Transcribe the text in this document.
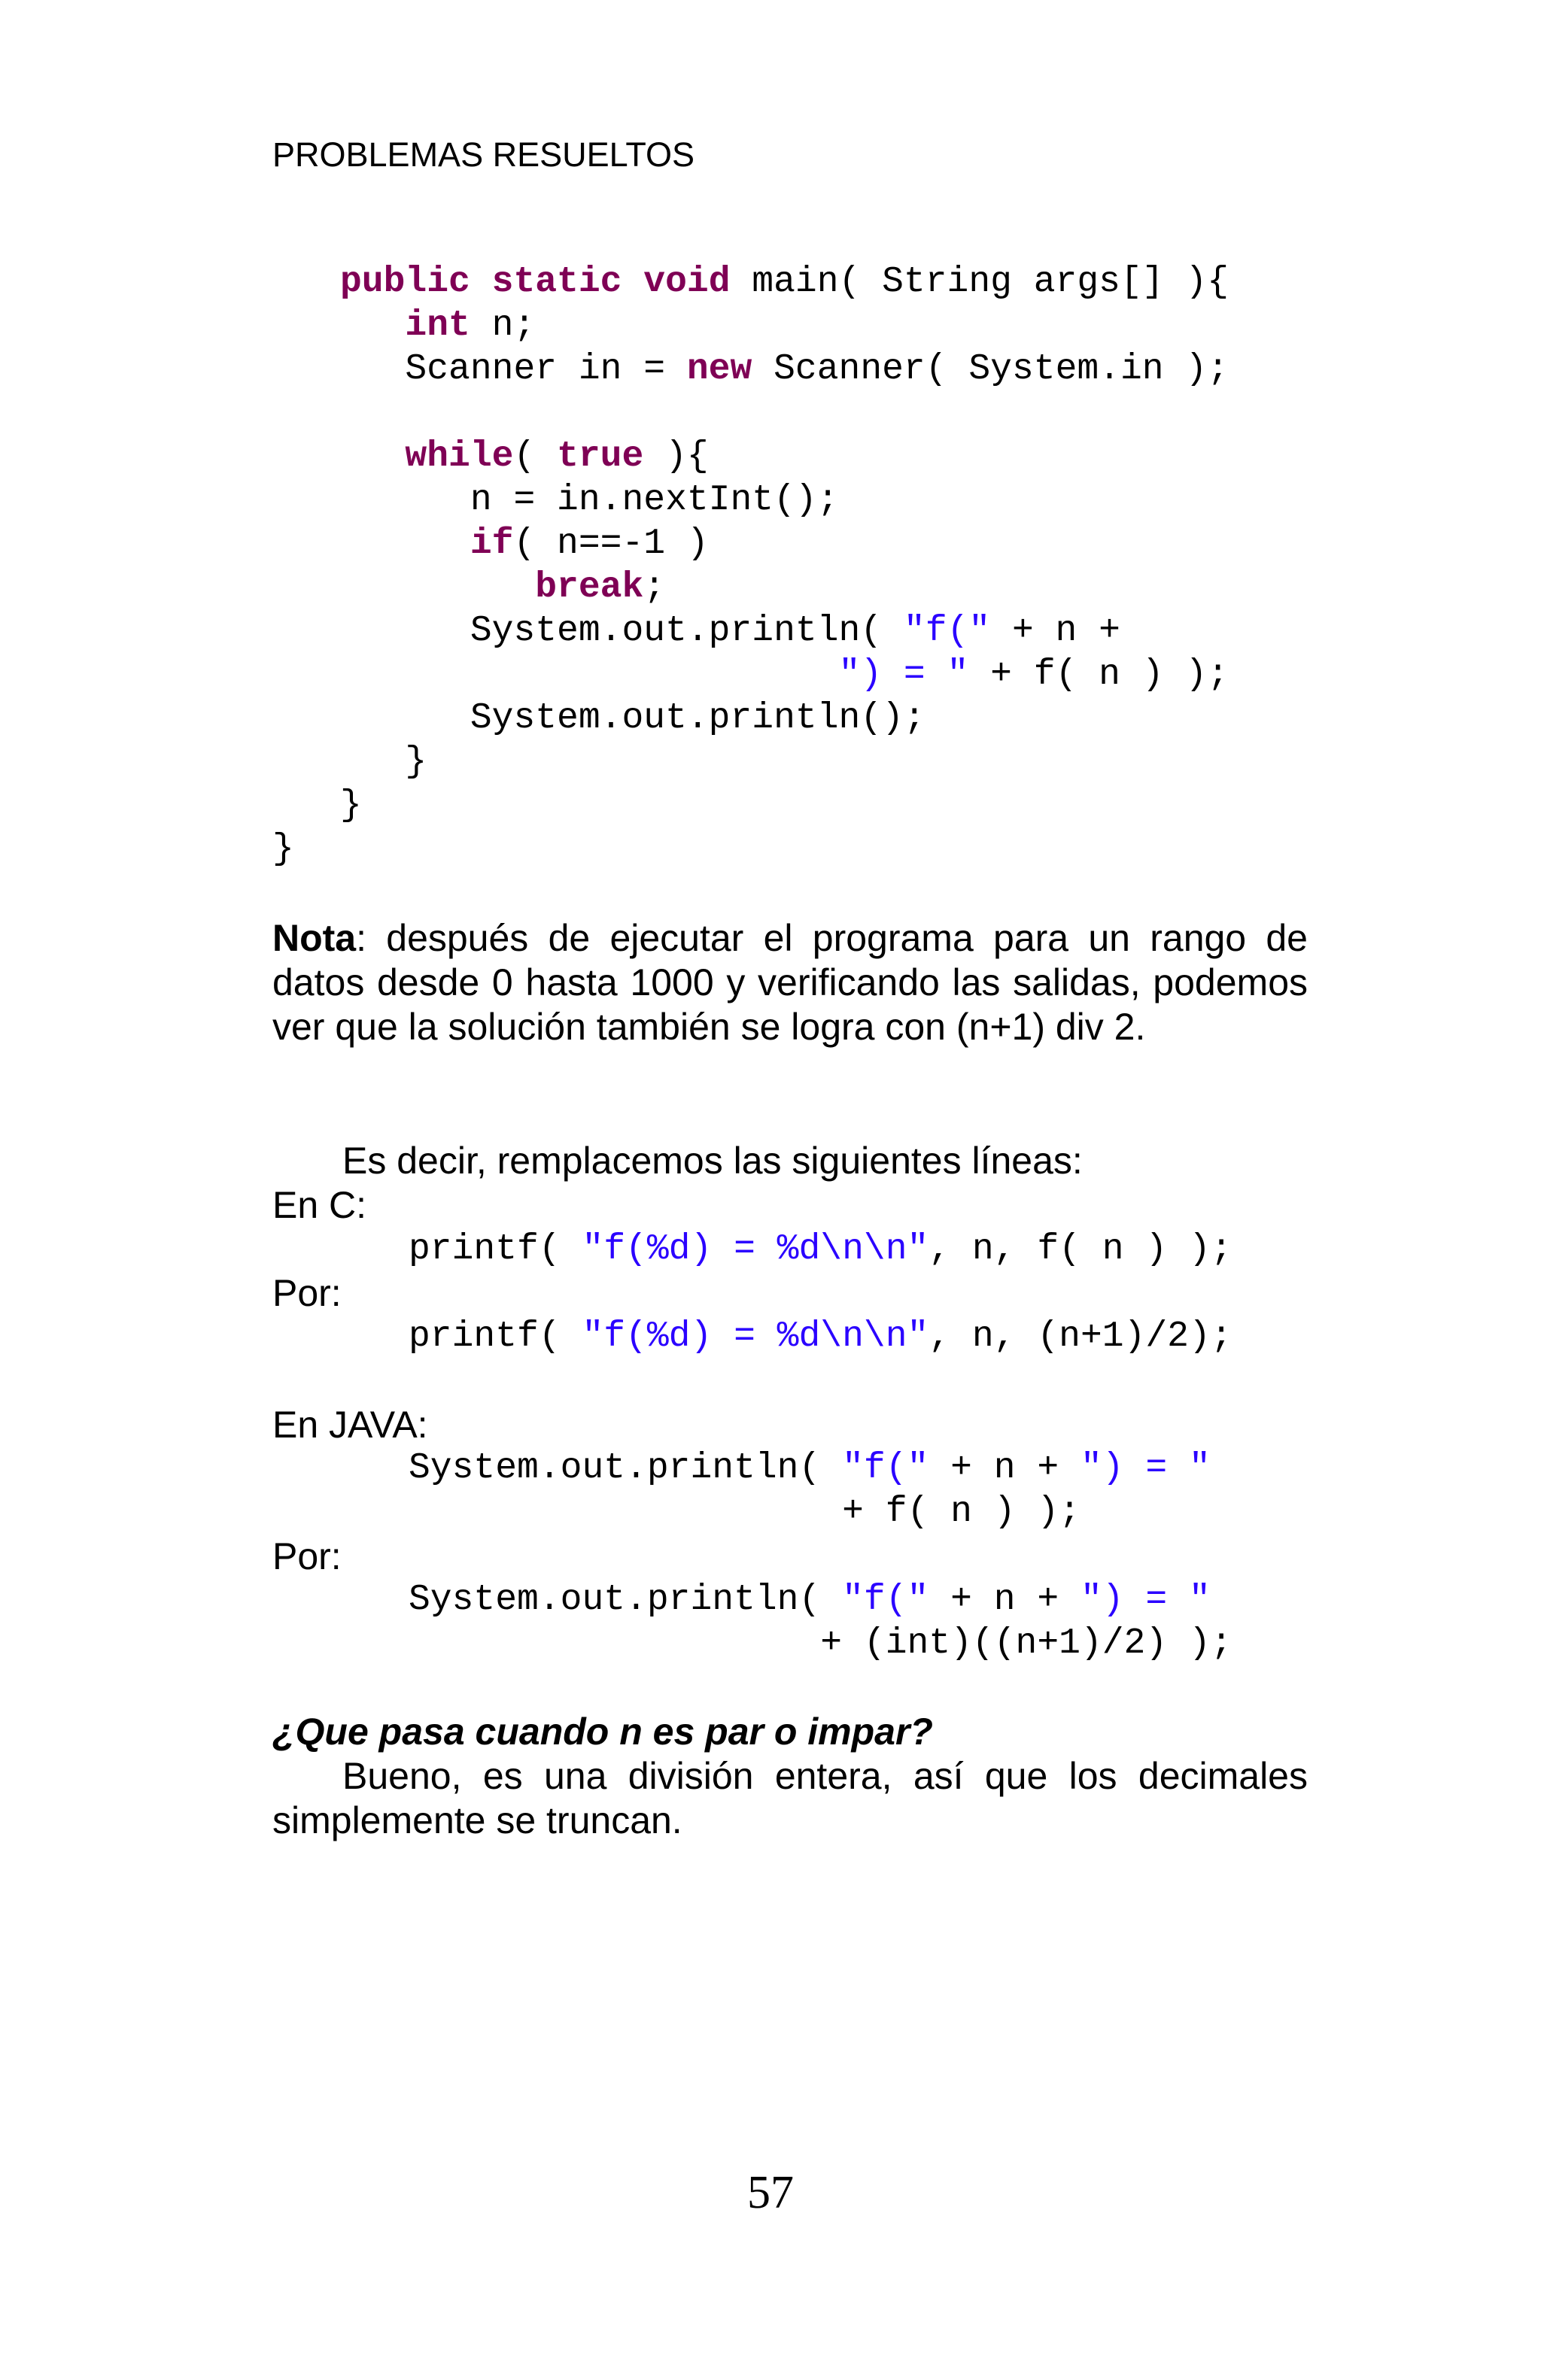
PROBLEMAS RESUELTOS
public static void main( String args[] ){
int n;
Scanner in = new Scanner( System.in );
while( true ){
n = in.nextInt();
if( n==-1 )
break;
System.out.println( "f(" + n +
") = " + f( n ) );
System.out.println();
}
}
}
Nota: después de ejecutar el programa para un rango de datos desde 0 hasta 1000 y verificando las salidas, podemos ver que la solución también se logra con (n+1) div 2.
Es decir, remplacemos las siguientes líneas:
En C:
printf( "f(%d) = %d\n\n", n, f( n ) );
Por:
printf( "f(%d) = %d\n\n", n, (n+1)/2);
En JAVA:
System.out.println( "f(" + n + ") = "
+ f( n ) );
Por:
System.out.println( "f(" + n + ") = "
+ (int)((n+1)/2) );
¿Que pasa cuando n es par o impar?
Bueno, es una división entera, así que los decimales simplemente se truncan.
57
